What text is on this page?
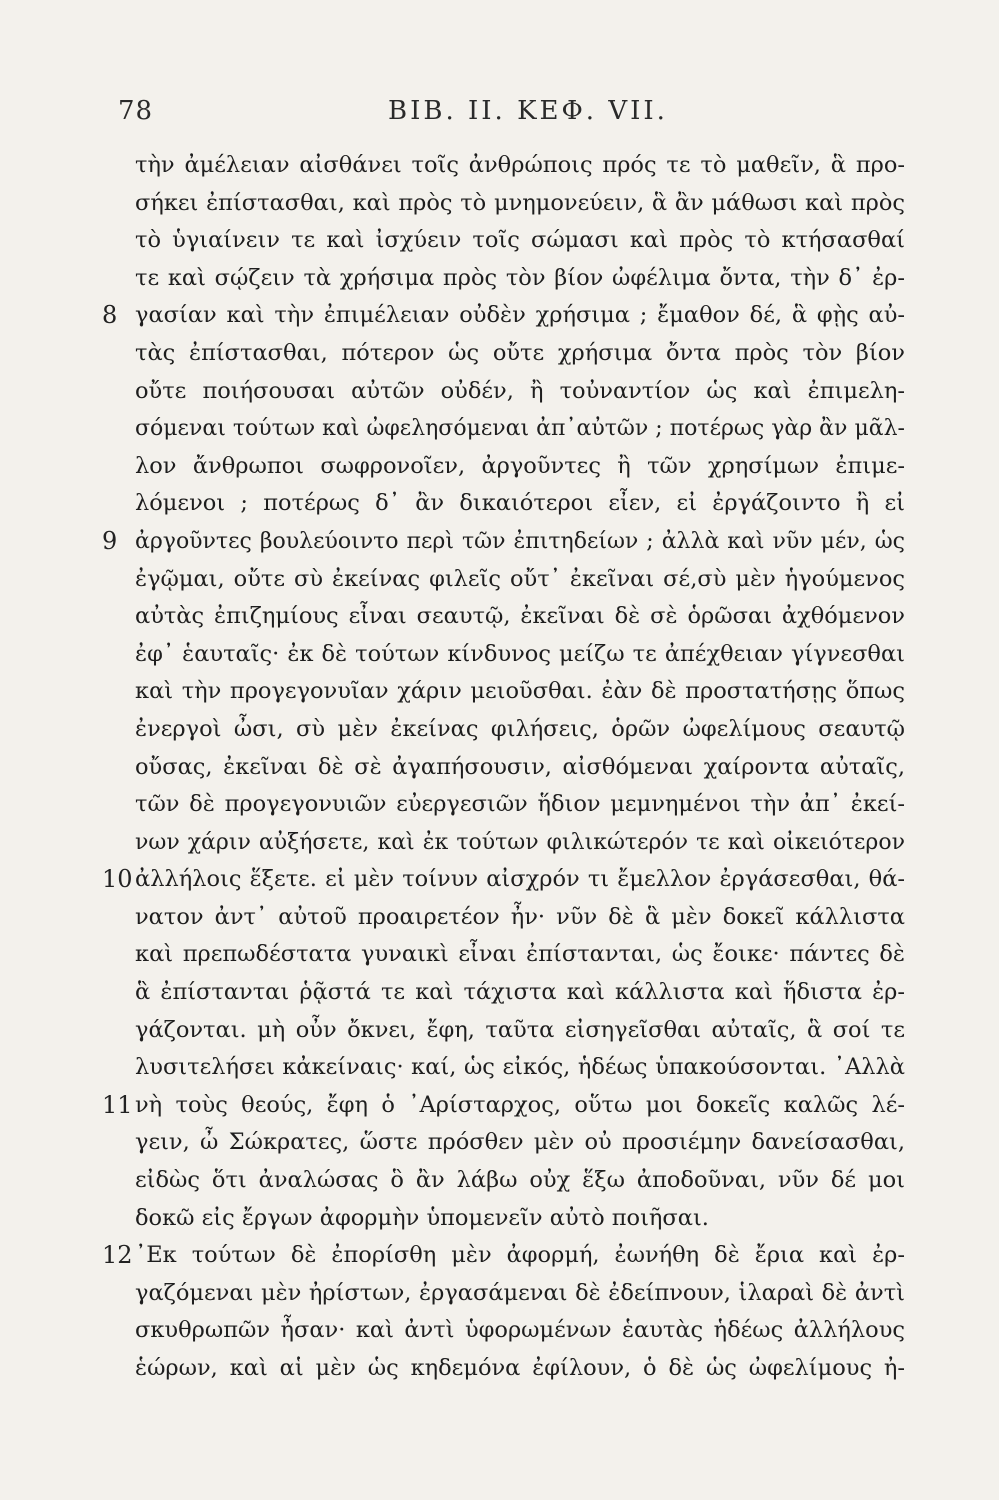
78	ΒΙΒ. ΙΙ. ΚΕΦ. VII.
τὴν ἀμέλειαν αἰσθάνει τοῖς ἀνθρώποις πρός τε τὸ μαθεῖν, ἃ προ-
σήκει ἐπίστασθαι, καὶ πρὸς τὸ μνημονεύειν, ἃ ἂν μάθωσι καὶ πρὸς
τὸ ὑγιαίνειν τε καὶ ἰσχύειν τοῖς σώμασι καὶ πρὸς τὸ κτήσασθαί
τε καὶ σῴζειν τὰ χρήσιμα πρὸς τὸν βίον ὠφέλιμα ὄντα, τὴν δ᾽ ἐρ-
8 γασίαν καὶ τὴν ἐπιμέλειαν οὐδὲν χρήσιμα ; ἔμαθον δέ, ἃ φῂς αὐ-
τὰς ἐπίστασθαι, πότερον ὡς οὔτε χρήσιμα ὄντα πρὸς τὸν βίον
οὔτε ποιήσουσαι αὐτῶν οὐδέν, ἢ τοὐναντίον ὡς καὶ ἐπιμελη-
σόμεναι τούτων καὶ ὠφελησόμεναι ἀπ᾽αὐτῶν ; ποτέρως γὰρ ἂν μᾶλ-
λον ἄνθρωποι σωφρονοῖεν, ἀργοῦντες ἢ τῶν χρησίμων ἐπιμε-
λόμενοι ; ποτέρως δ᾽ ἂν δικαιότεροι εἶεν, εἰ ἐργάζοιντο ἢ εἰ
9 ἀργοῦντες βουλεύοιντο περὶ τῶν ἐπιτηδείων ; ἀλλὰ καὶ νῦν μέν, ὡς
ἐγῷμαι, οὔτε σὺ ἐκείνας φιλεῖς οὔτ᾽ ἐκεῖναι σέ,σὺ μὲν ἡγούμενος
αὐτὰς ἐπιζημίους εἶναι σεαυτῷ, ἐκεῖναι δὲ σὲ ὁρῶσαι ἀχθόμενον
ἐφ᾽ ἑαυταῖς· ἐκ δὲ τούτων κίνδυνος μείζω τε ἀπέχθειαν γίγνεσθαι
καὶ τὴν προγεγονυῖαν χάριν μειοῦσθαι. ἐὰν δὲ προστατήσῃς ὅπως
ἐνεργοὶ ὦσι, σὺ μὲν ἐκείνας φιλήσεις, ὁρῶν ὠφελίμους σεαυτῷ
οὔσας, ἐκεῖναι δὲ σὲ ἀγαπήσουσιν, αἰσθόμεναι χαίροντα αὐταῖς,
τῶν δὲ προγεγονυιῶν εὐεργεσιῶν ἥδιον μεμνημένοι τὴν ἀπ᾽ ἐκεί-
νων χάριν αὐξήσετε, καὶ ἐκ τούτων φιλικώτερόν τε καὶ οἰκειότερον
10 ἀλλήλοις ἕξετε. εἰ μὲν τοίνυν αἰσχρόν τι ἔμελλον ἐργάσεσθαι, θά-
νατον ἀντ᾽ αὐτοῦ προαιρετέον ἦν· νῦν δὲ ἃ μὲν δοκεῖ κάλλιστα
καὶ πρεπωδέστατα γυναικὶ εἶναι ἐπίστανται, ὡς ἔοικε· πάντες δὲ
ἃ ἐπίστανται ῥᾷστά τε καὶ τάχιστα καὶ κάλλιστα καὶ ἥδιστα ἐρ-
γάζονται. μὴ οὖν ὄκνει, ἔφη, ταῦτα εἰσηγεῖσθαι αὐταῖς, ἃ σοί τε
λυσιτελήσει κἀκείναις· καί, ὡς εἰκός, ἡδέως ὑπακούσονται. ᾽Αλλὰ
11 νὴ τοὺς θεούς, ἔφη ὁ ᾽Αρίσταρχος, οὕτω μοι δοκεῖς καλῶς λέ-
γειν, ὦ Σώκρατες, ὥστε πρόσθεν μὲν οὐ προσιέμην δανείσασθαι,
εἰδὼς ὅτι ἀναλώσας ὃ ἂν λάβω οὐχ ἕξω ἀποδοῦναι, νῦν δέ μοι
δοκῶ εἰς ἔργων ἀφορμὴν ὑπομενεῖν αὐτὸ ποιῆσαι.
12 ᾽Εκ τούτων δὲ ἐπορίσθη μὲν ἀφορμή, ἐωνήθη δὲ ἔρια καὶ ἐρ-
γαζόμεναι μὲν ἠρίστων, ἐργασάμεναι δὲ ἐδείπνουν, ἱλαραὶ δὲ ἀντὶ
σκυθρωπῶν ἦσαν· καὶ ἀντὶ ὑφορωμένων ἑαυτὰς ἡδέως ἀλλήλους
ἑώρων, καὶ αἱ μὲν ὡς κηδεμόνα ἐφίλουν, ὁ δὲ ὡς ὠφελίμους ἠ-
